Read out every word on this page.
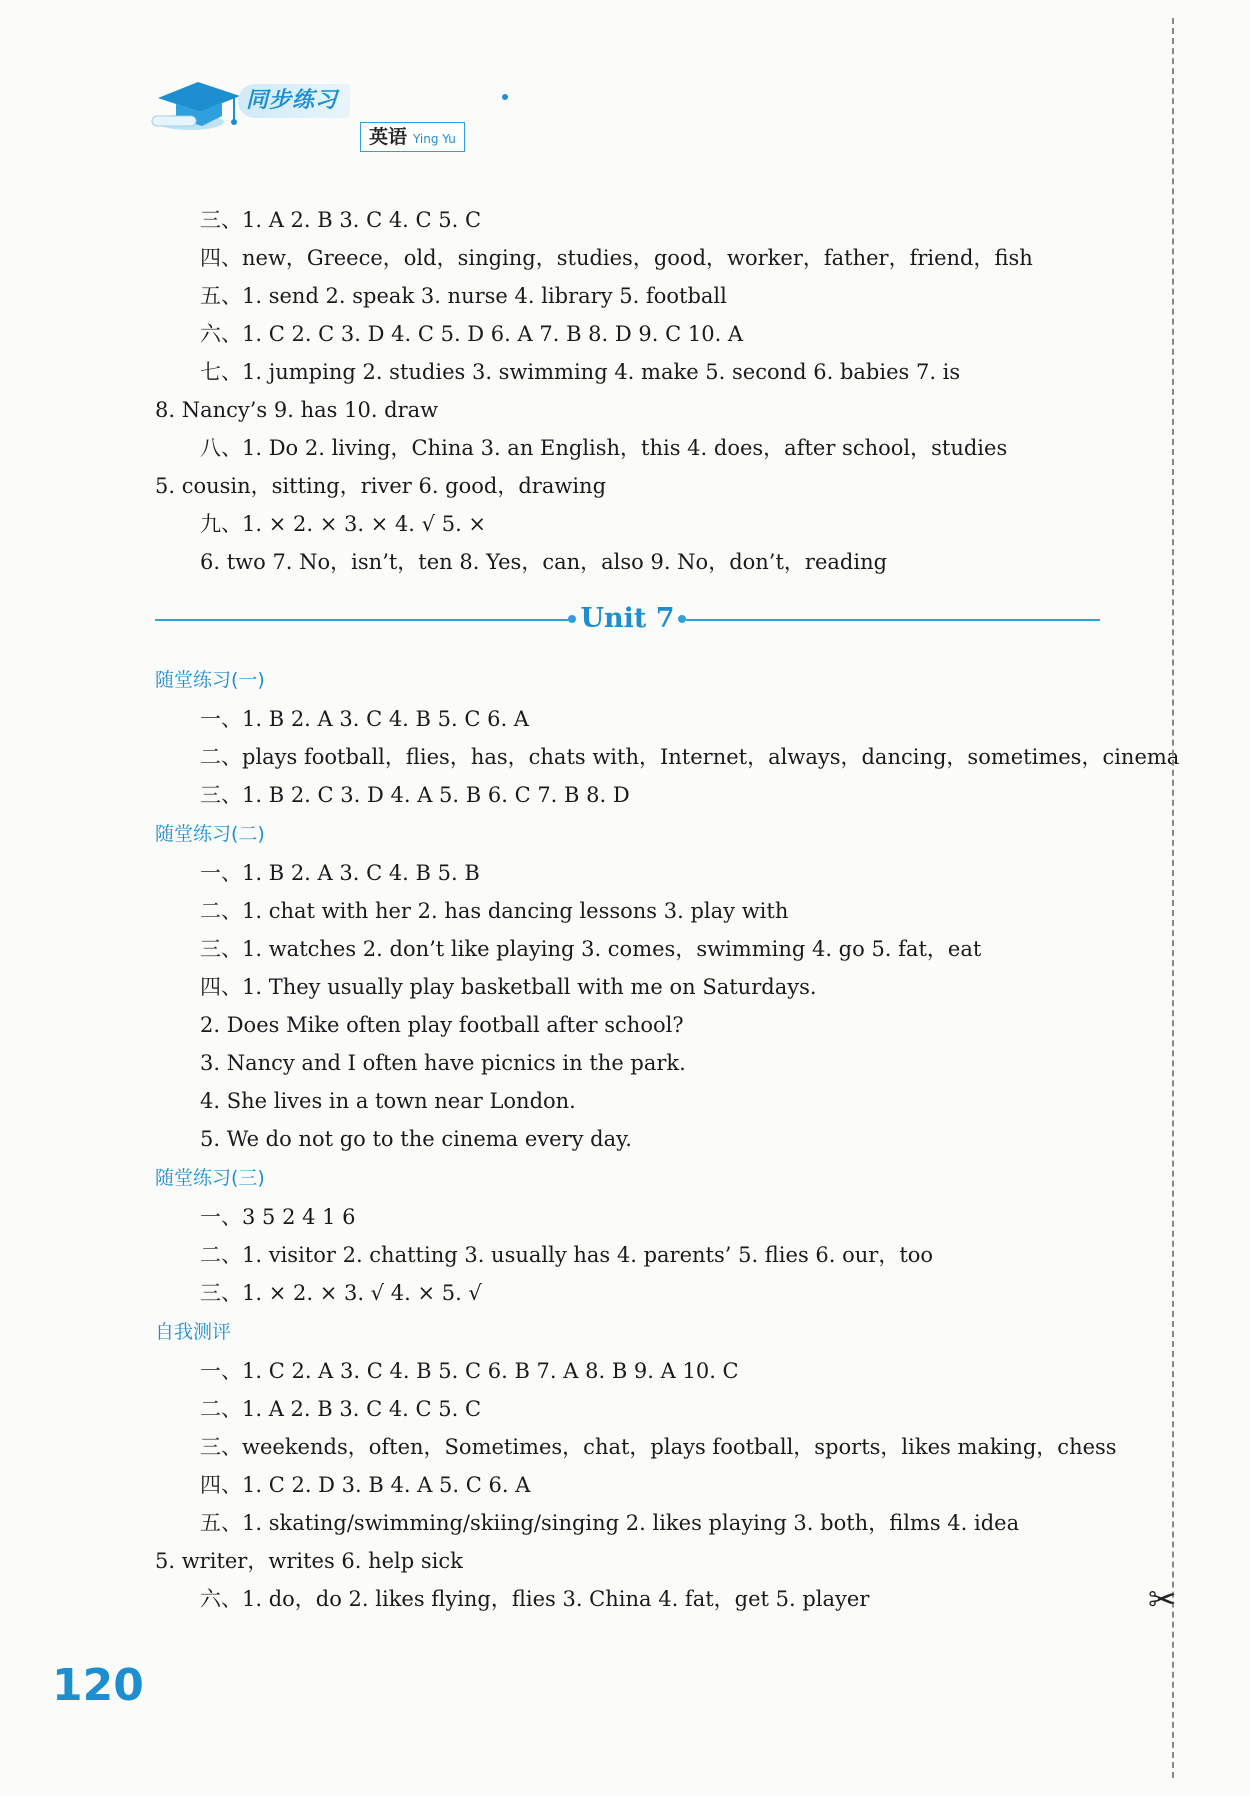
同步练习
英语 Ying Yu
三、1. A 2. B 3. C 4. C 5. C
四、new，Greece，old，singing，studies，good，worker，father，friend，fish
五、1. send 2. speak 3. nurse 4. library 5. football
六、1. C 2. C 3. D 4. C 5. D 6. A 7. B 8. D 9. C 10. A
七、1. jumping 2. studies 3. swimming 4. make 5. second 6. babies 7. is
8. Nancy’s 9. has 10. draw
八、1. Do 2. living，China 3. an English，this 4. does，after school，studies
5. cousin，sitting，river 6. good，drawing
九、1. × 2. × 3. × 4. √ 5. ×
6. two 7. No，isn’t，ten 8. Yes，can，also 9. No，don’t，reading
Unit 7
随堂练习(一)
一、1. B 2. A 3. C 4. B 5. C 6. A
二、plays football，flies，has，chats with，Internet，always，dancing，sometimes，cinema
三、1. B 2. C 3. D 4. A 5. B 6. C 7. B 8. D
随堂练习(二)
一、1. B 2. A 3. C 4. B 5. B
二、1. chat with her 2. has dancing lessons 3. play with
三、1. watches 2. don’t like playing 3. comes，swimming 4. go 5. fat，eat
四、1. They usually play basketball with me on Saturdays.
2. Does Mike often play football after school?
3. Nancy and I often have picnics in the park.
4. She lives in a town near London.
5. We do not go to the cinema every day.
随堂练习(三)
一、3 5 2 4 1 6
二、1. visitor 2. chatting 3. usually has 4. parents’ 5. flies 6. our，too
三、1. × 2. × 3. √ 4. × 5. √
自我测评
一、1. C 2. A 3. C 4. B 5. C 6. B 7. A 8. B 9. A 10. C
二、1. A 2. B 3. C 4. C 5. C
三、weekends，often，Sometimes，chat，plays football，sports，likes making，chess
四、1. C 2. D 3. B 4. A 5. C 6. A
五、1. skating/swimming/skiing/singing 2. likes playing 3. both，films 4. idea
5. writer，writes 6. help sick
六、1. do，do 2. likes flying，flies 3. China 4. fat，get 5. player	✂
120
